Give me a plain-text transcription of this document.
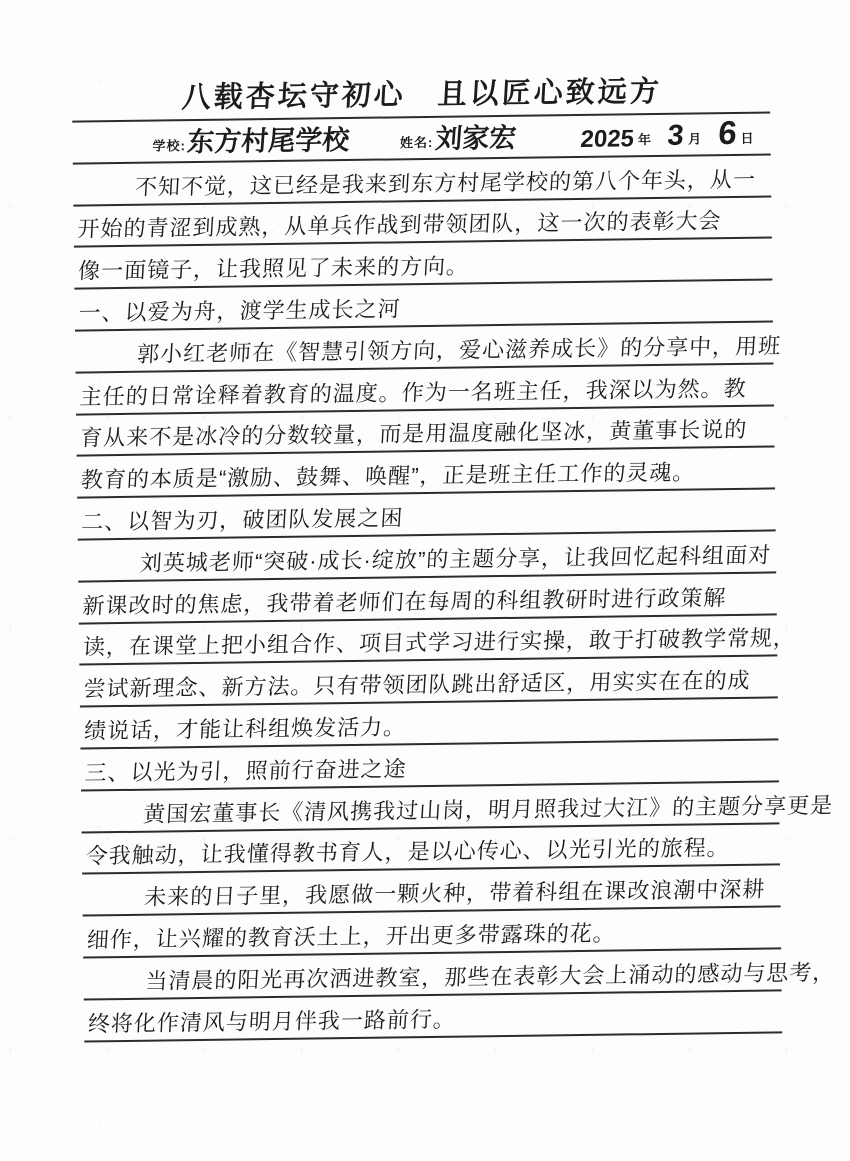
八载杏坛守初心　且以匠心致远方
学校: 东方村尾学校	姓名: 刘家宏	2025 年 3 月 6 日
不知不觉，这已经是我来到东方村尾学校的第八个年头，从一
开始的青涩到成熟，从单兵作战到带领团队，这一次的表彰大会
像一面镜子，让我照见了未来的方向。
一、以爱为舟，渡学生成长之河
郭小红老师在《智慧引领方向，爱心滋养成长》的分享中，用班
主任的日常诠释着教育的温度。作为一名班主任，我深以为然。教
育从来不是冰冷的分数较量，而是用温度融化坚冰，黄董事长说的
教育的本质是“激励、鼓舞、唤醒”，正是班主任工作的灵魂。
二、以智为刃，破团队发展之困
刘英城老师“突破·成长·绽放”的主题分享，让我回忆起科组面对
新课改时的焦虑，我带着老师们在每周的科组教研时进行政策解
读，在课堂上把小组合作、项目式学习进行实操，敢于打破教学常规，
尝试新理念、新方法。只有带领团队跳出舒适区，用实实在在的成
绩说话，才能让科组焕发活力。
三、以光为引，照前行奋进之途
黄国宏董事长《清风携我过山岗，明月照我过大江》的主题分享更是
令我触动，让我懂得教书育人，是以心传心、以光引光的旅程。
未来的日子里，我愿做一颗火种，带着科组在课改浪潮中深耕
细作，让兴耀的教育沃土上，开出更多带露珠的花。
当清晨的阳光再次洒进教室，那些在表彰大会上涌动的感动与思考，
终将化作清风与明月伴我一路前行。
